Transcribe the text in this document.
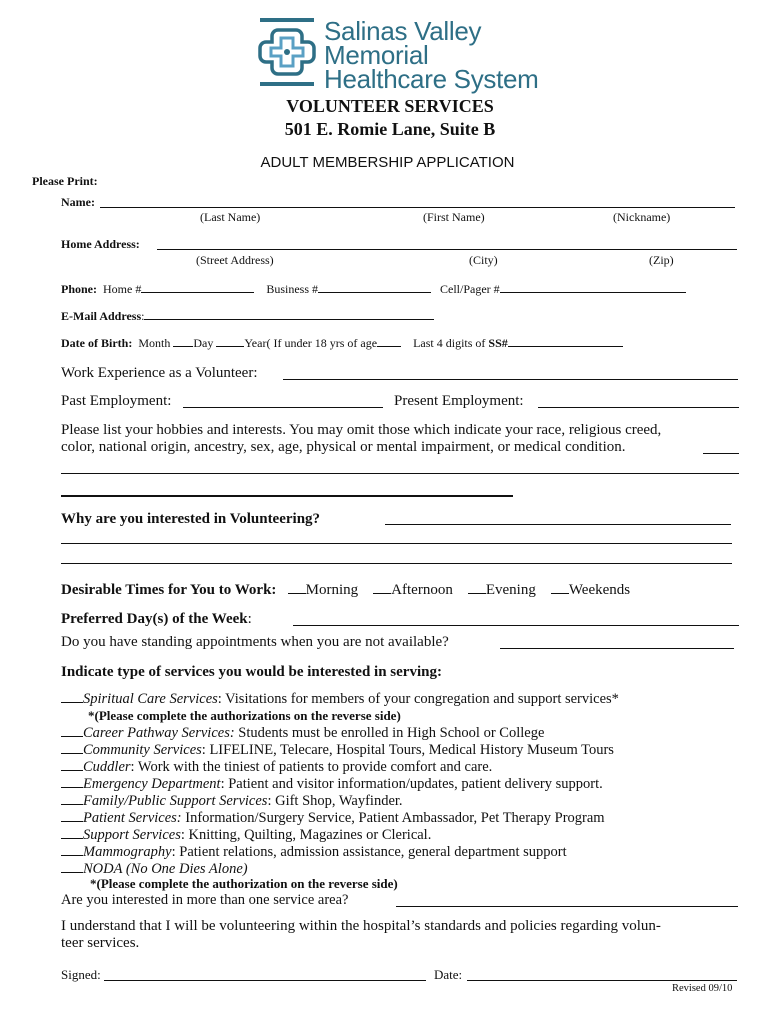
Salinas Valley
Memorial
Healthcare System
VOLUNTEER SERVICES
501 E. Romie Lane, Suite B
ADULT MEMBERSHIP APPLICATION
Please Print:
Name:
(Last Name)	(First Name)	(Nickname)
Home Address:
(Street Address)	(City)	(Zip)
Phone: Home #	Business #	Cell/Pager #
E-Mail Address:
Date of Birth: Month Day	Year( If under 18 yrs of age	Last 4 digits of SS#
Work Experience as a Volunteer:
Past Employment:	Present Employment:
Please list your hobbies and interests. You may omit those which indicate your race, religious creed,
color, national origin, ancestry, sex, age, physical or mental impairment, or medical condition.
Why are you interested in Volunteering?
Desirable Times for You to Work: Morning Afternoon Evening Weekends
Preferred Day(s) of the Week:
Do you have standing appointments when you are not available?
Indicate type of services you would be interested in serving:
Spiritual Care Services: Visitations for members of your congregation and support services*
*(Please complete the authorizations on the reverse side)
Career Pathway Services: Students must be enrolled in High School or College
Community Services: LIFELINE, Telecare, Hospital Tours, Medical History Museum Tours
Cuddler: Work with the tiniest of patients to provide comfort and care.
Emergency Department: Patient and visitor information/updates, patient delivery support.
Family/Public Support Services: Gift Shop, Wayfinder.
Patient Services: Information/Surgery Service, Patient Ambassador, Pet Therapy Program
Support Services: Knitting, Quilting, Magazines or Clerical.
Mammography: Patient relations, admission assistance, general department support
NODA (No One Dies Alone)
*(Please complete the authorization on the reverse side)
Are you interested in more than one service area?
I understand that I will be volunteering within the hospital’s standards and policies regarding volun-
teer services.
Signed:	Date:
Revised 09/10
